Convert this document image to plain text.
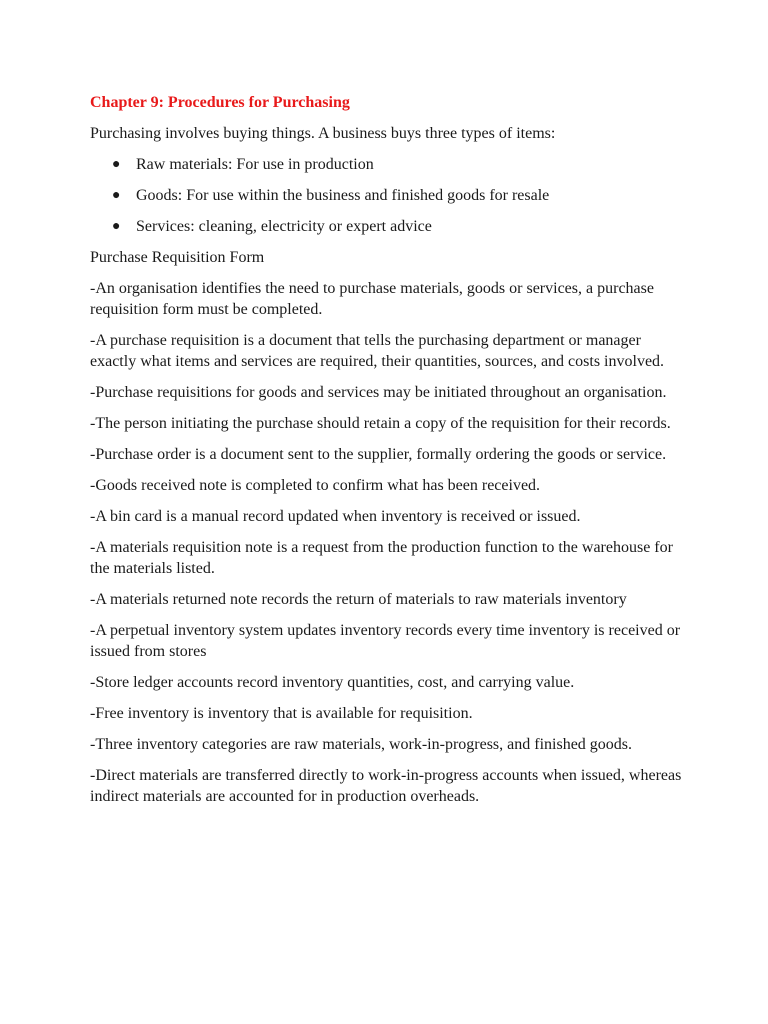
Chapter 9: Procedures for Purchasing

Purchasing involves buying things. A business buys three types of items:

● Raw materials: For use in production
● Goods: For use within the business and finished goods for resale
● Services: cleaning, electricity or expert advice

Purchase Requisition Form

-An organisation identifies the need to purchase materials, goods or services, a purchase requisition form must be completed.

-A purchase requisition is a document that tells the purchasing department or manager exactly what items and services are required, their quantities, sources, and costs involved.

-Purchase requisitions for goods and services may be initiated throughout an organisation.

-The person initiating the purchase should retain a copy of the requisition for their records.

-Purchase order is a document sent to the supplier, formally ordering the goods or service.

-Goods received note is completed to confirm what has been received.

-A bin card is a manual record updated when inventory is received or issued.

-A materials requisition note is a request from the production function to the warehouse for the materials listed.

-A materials returned note records the return of materials to raw materials inventory

-A perpetual inventory system updates inventory records every time inventory is received or issued from stores

-Store ledger accounts record inventory quantities, cost, and carrying value.

-Free inventory is inventory that is available for requisition.

-Three inventory categories are raw materials, work-in-progress, and finished goods.

-Direct materials are transferred directly to work-in-progress accounts when issued, whereas indirect materials are accounted for in production overheads.
